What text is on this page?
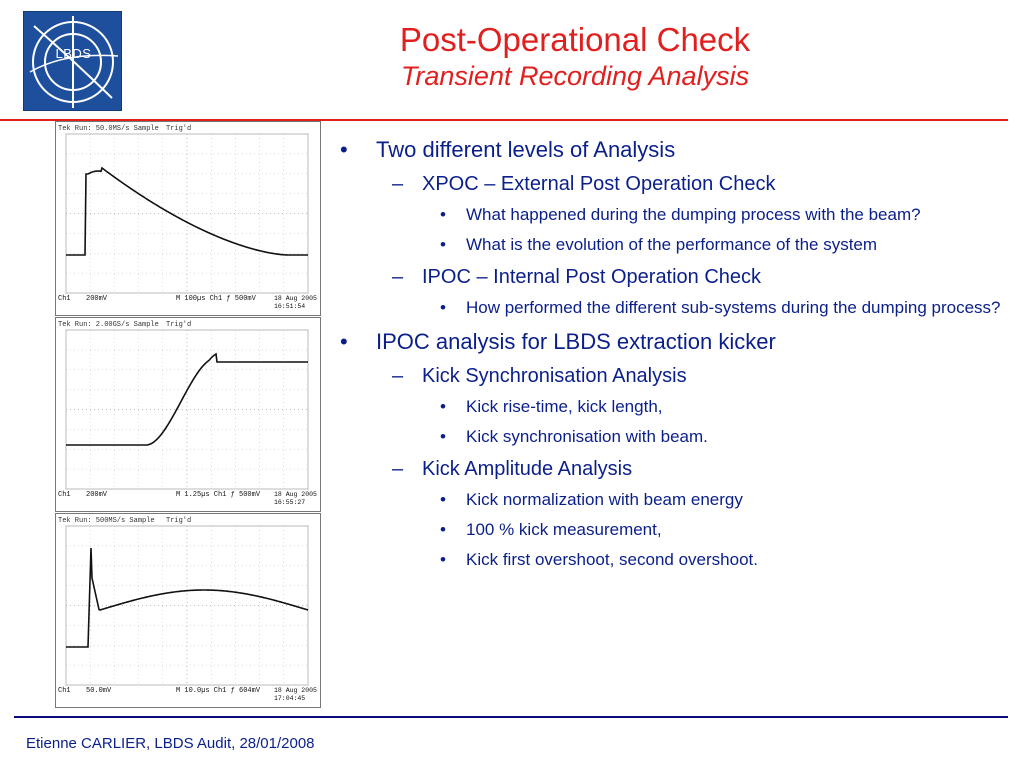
LBDS	Post-Operational Check
Transient Recording Analysis
Tek Run: 50.0MS/s Sample Trig'd
Ch1 200mV	M 100µs Ch1 ƒ 500mV	18 Aug 2005
16:51:54
Tek Run: 2.00GS/s Sample Trig'd
Ch1 200mV	M 1.25µs Ch1 ƒ 500mV 18 Aug 2005
16:55:27
Tek Run: 500MS/s Sample Trig'd
Ch1 50.0mV	M 10.0µs Ch1 ƒ 604mV 18 Aug 2005
17:04:45
• Two different levels of Analysis
– XPOC – External Post Operation Check
• What happened during the dumping process with the beam?
• What is the evolution of the performance of the system
– IPOC – Internal Post Operation Check
• How performed the different sub-systems during the dumping process?
• IPOC analysis for LBDS extraction kicker
– Kick Synchronisation Analysis
• Kick rise-time, kick length,
• Kick synchronisation with beam.
– Kick Amplitude Analysis
• Kick normalization with beam energy
• 100 % kick measurement,
• Kick first overshoot, second overshoot.
Etienne CARLIER, LBDS Audit, 28/01/2008
